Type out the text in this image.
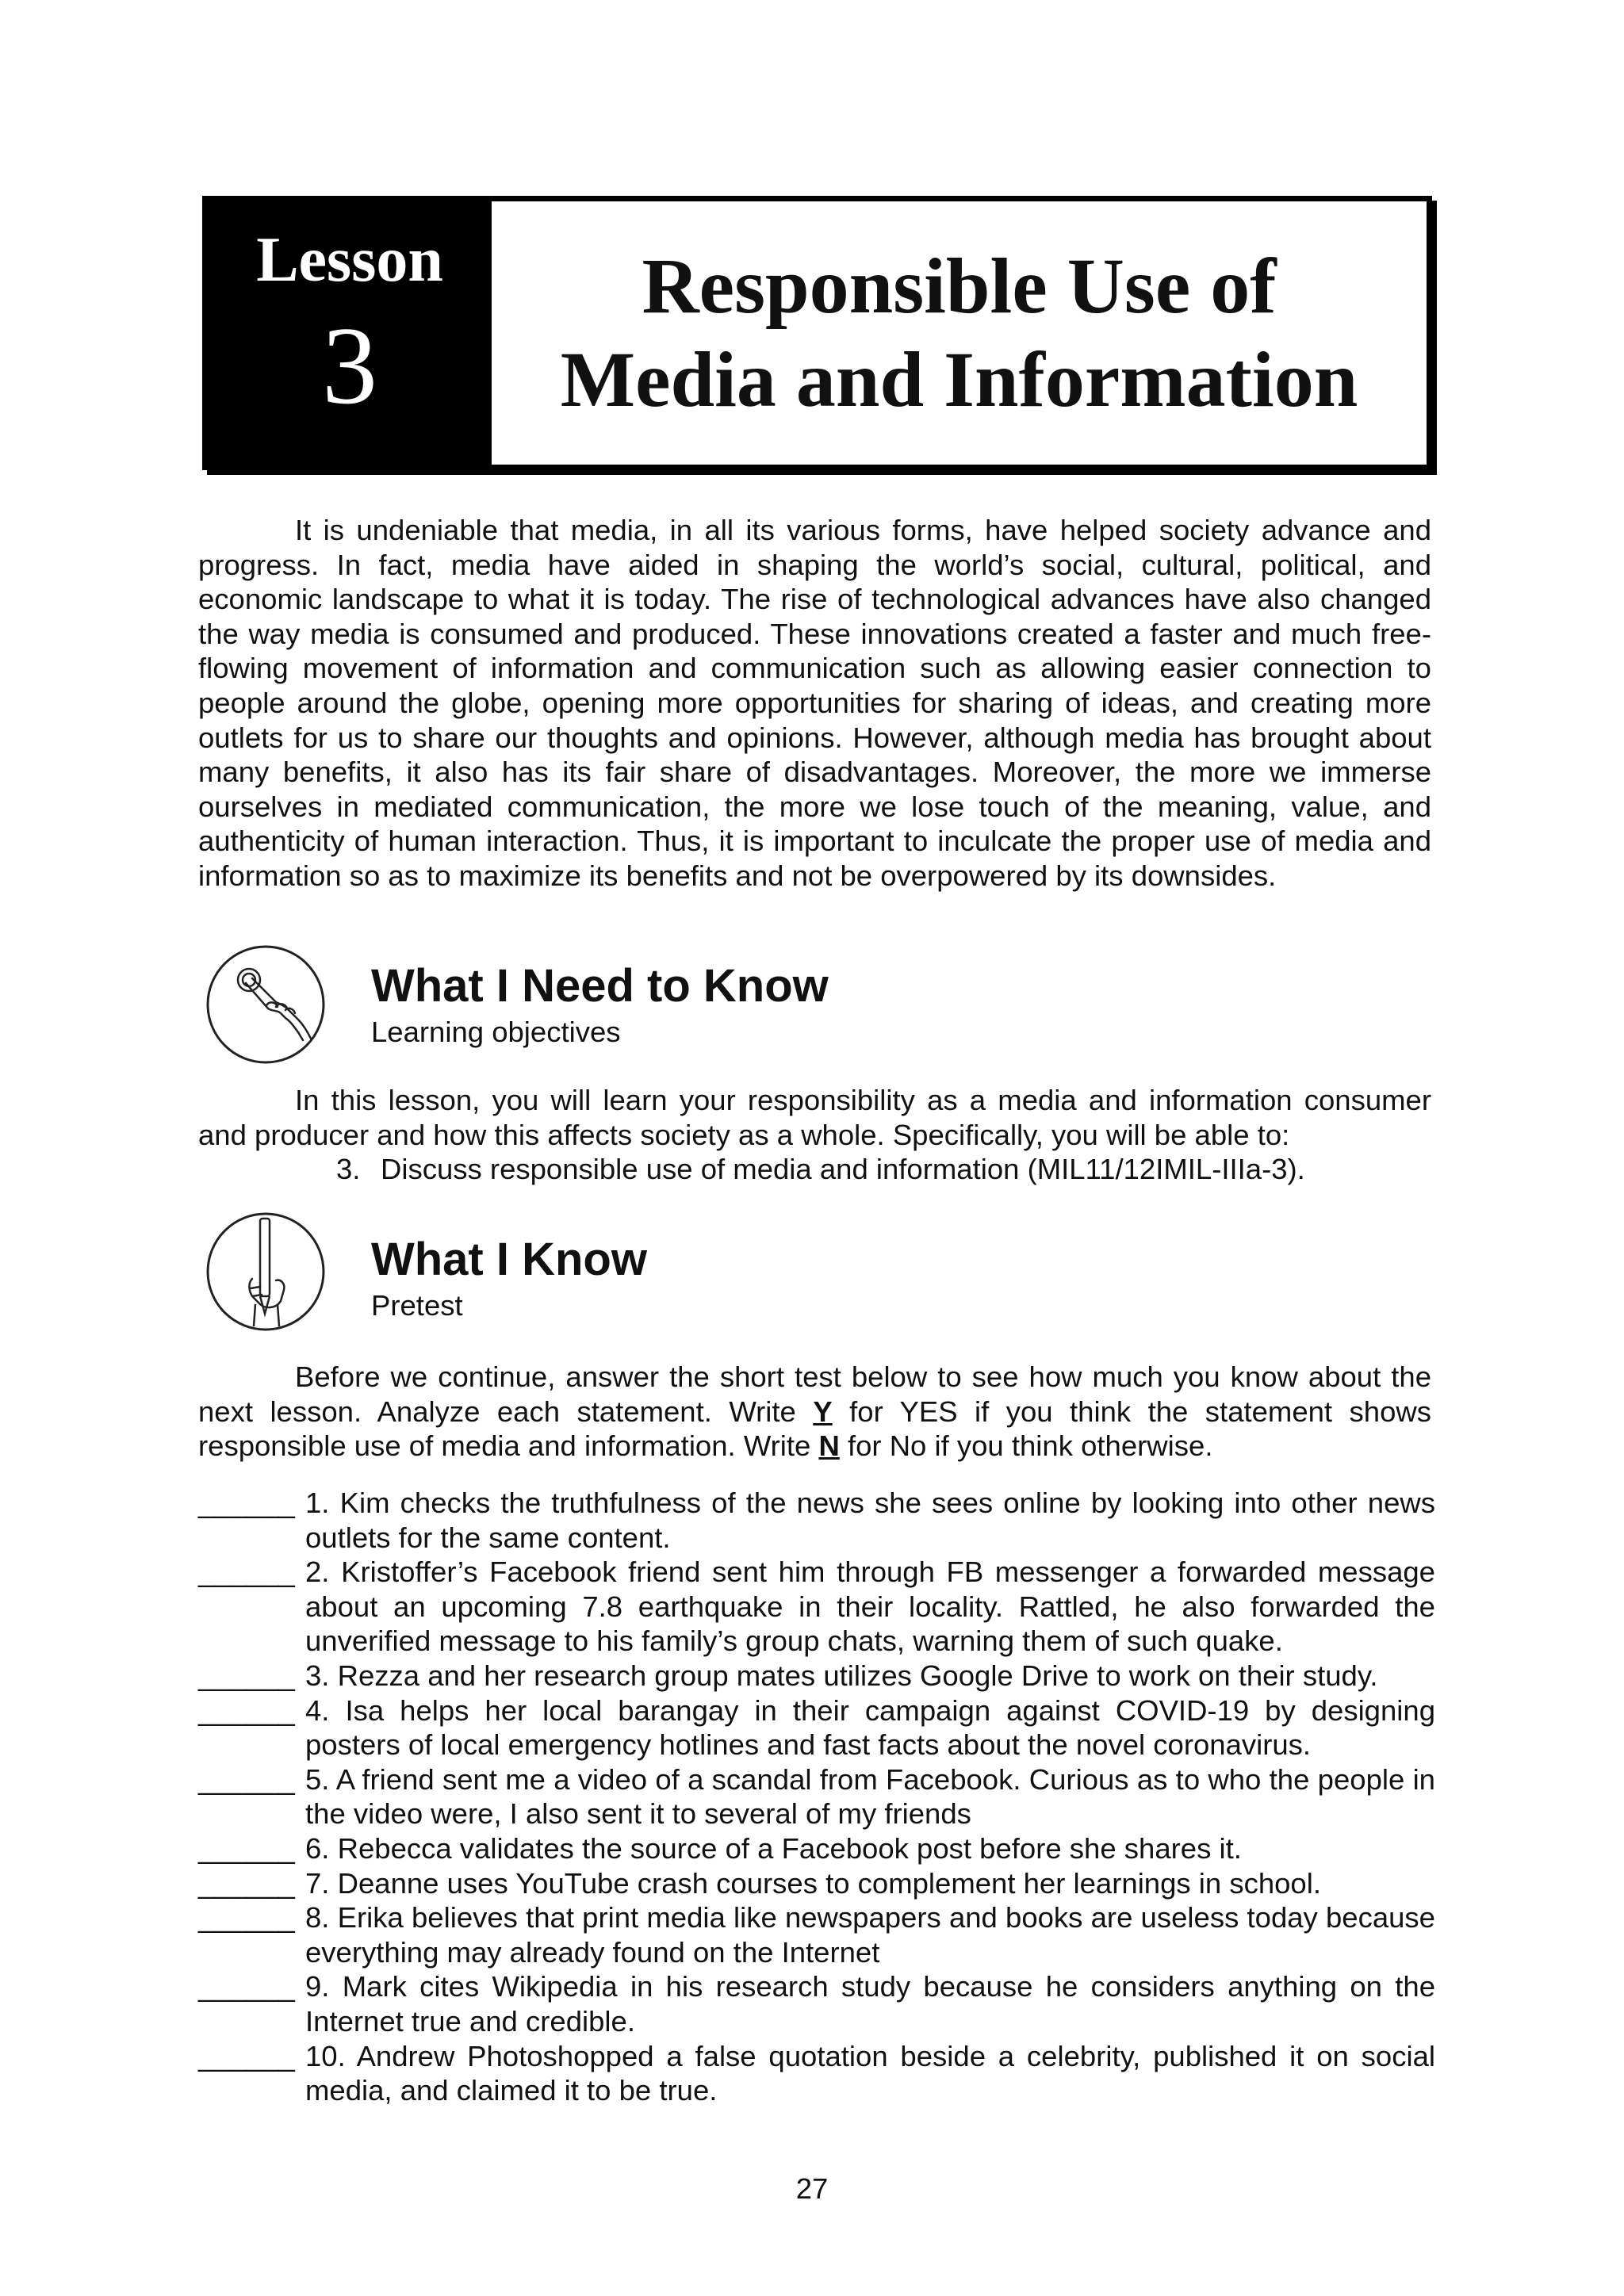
Lesson
3
Responsible Use of
Media and Information

It is undeniable that media, in all its various forms, have helped society advance and progress. In fact, media have aided in shaping the world’s social, cultural, political, and economic landscape to what it is today. The rise of technological advances have also changed the way media is consumed and produced. These innovations created a faster and much free-flowing movement of information and communication such as allowing easier connection to people around the globe, opening more opportunities for sharing of ideas, and creating more outlets for us to share our thoughts and opinions. However, although media has brought about many benefits, it also has its fair share of disadvantages. Moreover, the more we immerse ourselves in mediated communication, the more we lose touch of the meaning, value, and authenticity of human interaction. Thus, it is important to inculcate the proper use of media and information so as to maximize its benefits and not be overpowered by its downsides.

What I Need to Know
Learning objectives

In this lesson, you will learn your responsibility as a media and information consumer and producer and how this affects society as a whole. Specifically, you will be able to:

3. Discuss responsible use of media and information (MIL11/12IMIL-IIIa-3).
What I Know
Pretest

Before we continue, answer the short test below to see how much you know about the next lesson. Analyze each statement. Write Y for YES if you think the statement shows responsible use of media and information. Write N for No if you think otherwise.

______ 1. Kim checks the truthfulness of the news she sees online by looking into other news outlets for the same content.
______ 2. Kristoffer’s Facebook friend sent him through FB messenger a forwarded message about an upcoming 7.8 earthquake in their locality. Rattled, he also forwarded the unverified message to his family’s group chats, warning them of such quake.
______ 3. Rezza and her research group mates utilizes Google Drive to work on their study.
______ 4. Isa helps her local barangay in their campaign against COVID-19 by designing posters of local emergency hotlines and fast facts about the novel coronavirus.
______ 5. A friend sent me a video of a scandal from Facebook. Curious as to who the people in the video were, I also sent it to several of my friends
______ 6. Rebecca validates the source of a Facebook post before she shares it.
______ 7. Deanne uses YouTube crash courses to complement her learnings in school.
______ 8. Erika believes that print media like newspapers and books are useless today because everything may already found on the Internet
______ 9. Mark cites Wikipedia in his research study because he considers anything on the Internet true and credible.
______ 10. Andrew Photoshopped a false quotation beside a celebrity, published it on social media, and claimed it to be true.
27
